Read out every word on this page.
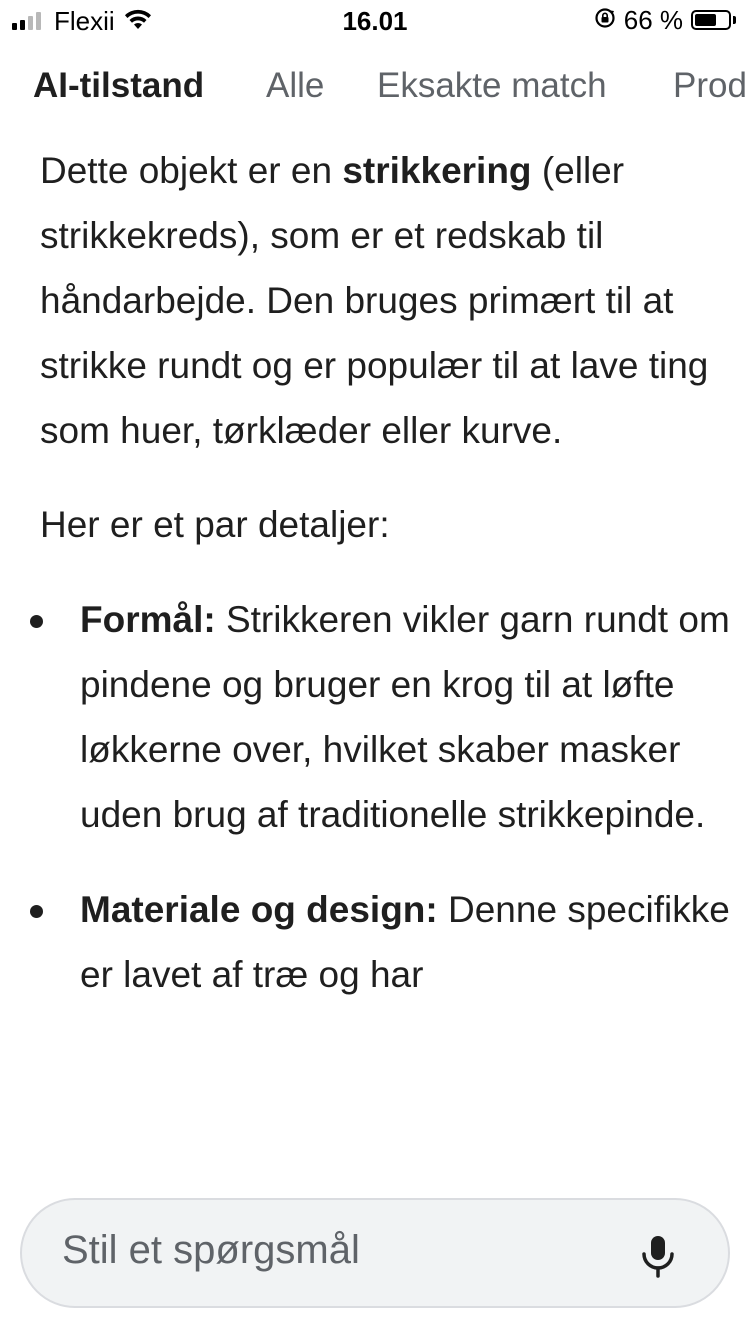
Flexii	16.01	66 %
AI-tilstand Alle Eksakte match Prod

Dette objekt er en strikkering (eller strikkekreds), som er et redskab til håndarbejde. Den bruges primært til at strikke rundt og er populær til at lave ting som huer, tørklæder eller kurve.

Her er et par detaljer:

Formål: Strikkeren vikler garn rundt om pindene og bruger en krog til at løfte løkkerne over, hvilket skaber masker uden brug af traditionelle strikkepinde.
Materiale og design: Denne specifikke er lavet af træ og har
Stil et spørgsmål
